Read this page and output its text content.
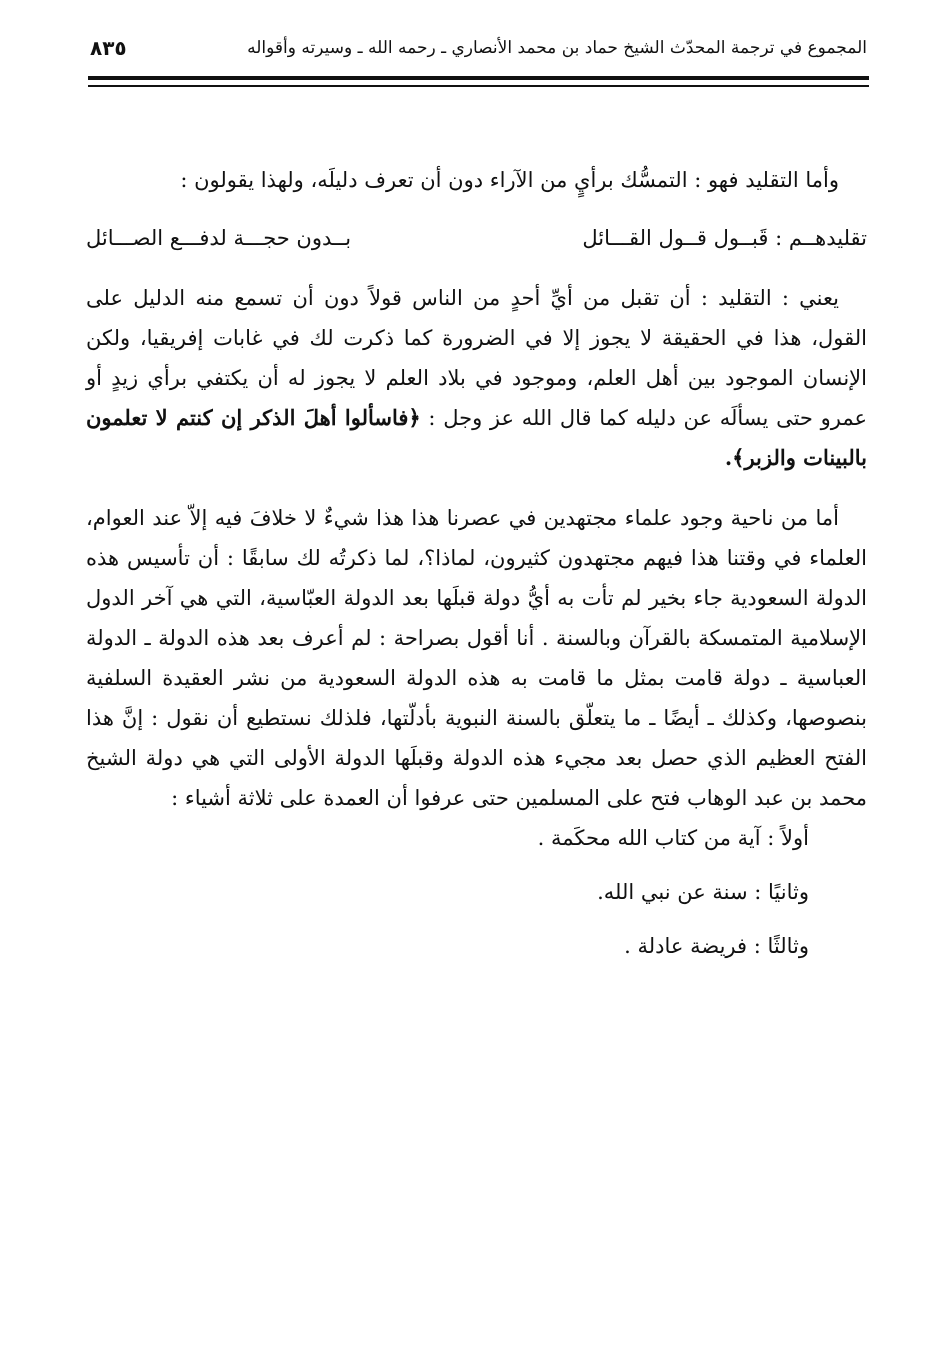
المجموع في ترجمة المحدّث الشيخ حماد بن محمد الأنصاري ـ رحمه الله ـ وسيرته وأقواله
٨٣٥

وأما التقليد فهو : التمسُّك برأيٍ من الآراء دون أن تعرف دليلَه، ولهذا يقولون :

تقليدهــم : قَبــول قــول القـــائل
بــدون حجـــة لدفـــع الصـــائل

يعني : التقليد : أن تقبل من أيِّ أحدٍ من الناس قولاً دون أن تسمع منه الدليل على القول، هذا في الحقيقة لا يجوز إلا في الضرورة كما ذكرت لك في غابات إفريقيا، ولكن الإنسان الموجود بين أهل العلم، وموجود في بلاد العلم لا يجوز له أن يكتفي برأي زيدٍ أو عمرو حتى يسألَه عن دليله كما قال الله عز وجل : ﴿فاسألوا أهلَ الذكر إن كنتم لا تعلمون بالبينات والزبر﴾.

أما من ناحية وجود علماء مجتهدين في عصرنا هذا هذا شيءٌ لا خلافَ فيه إلاّ عند العوام، العلماء في وقتنا هذا فيهم مجتهدون كثيرون، لماذا؟، لما ذكرتُه لك سابقًا : أن تأسيس هذه الدولة السعودية جاء بخير لم تأت به أيُّ دولة قبلَها بعد الدولة العبّاسية، التي هي آخر الدول الإسلامية المتمسكة بالقرآن وبالسنة . أنا أقول بصراحة : لم أعرف بعد هذه الدولة ـ الدولة العباسية ـ دولة قامت بمثل ما قامت به هذه الدولة السعودية من نشر العقيدة السلفية بنصوصها، وكذلك ـ أيضًا ـ ما يتعلّق بالسنة النبوية بأدلّتها، فلذلك نستطيع أن نقول : إنَّ هذا الفتح العظيم الذي حصل بعد مجيء هذه الدولة وقبلَها الدولة الأولى التي هي دولة الشيخ محمد بن عبد الوهاب فتح على المسلمين حتى عرفوا أن العمدة على ثلاثة أشياء :

أولاً : آية من كتاب الله محكَمة .

وثانيًا : سنة عن نبي الله.

وثالثًا : فريضة عادلة .
